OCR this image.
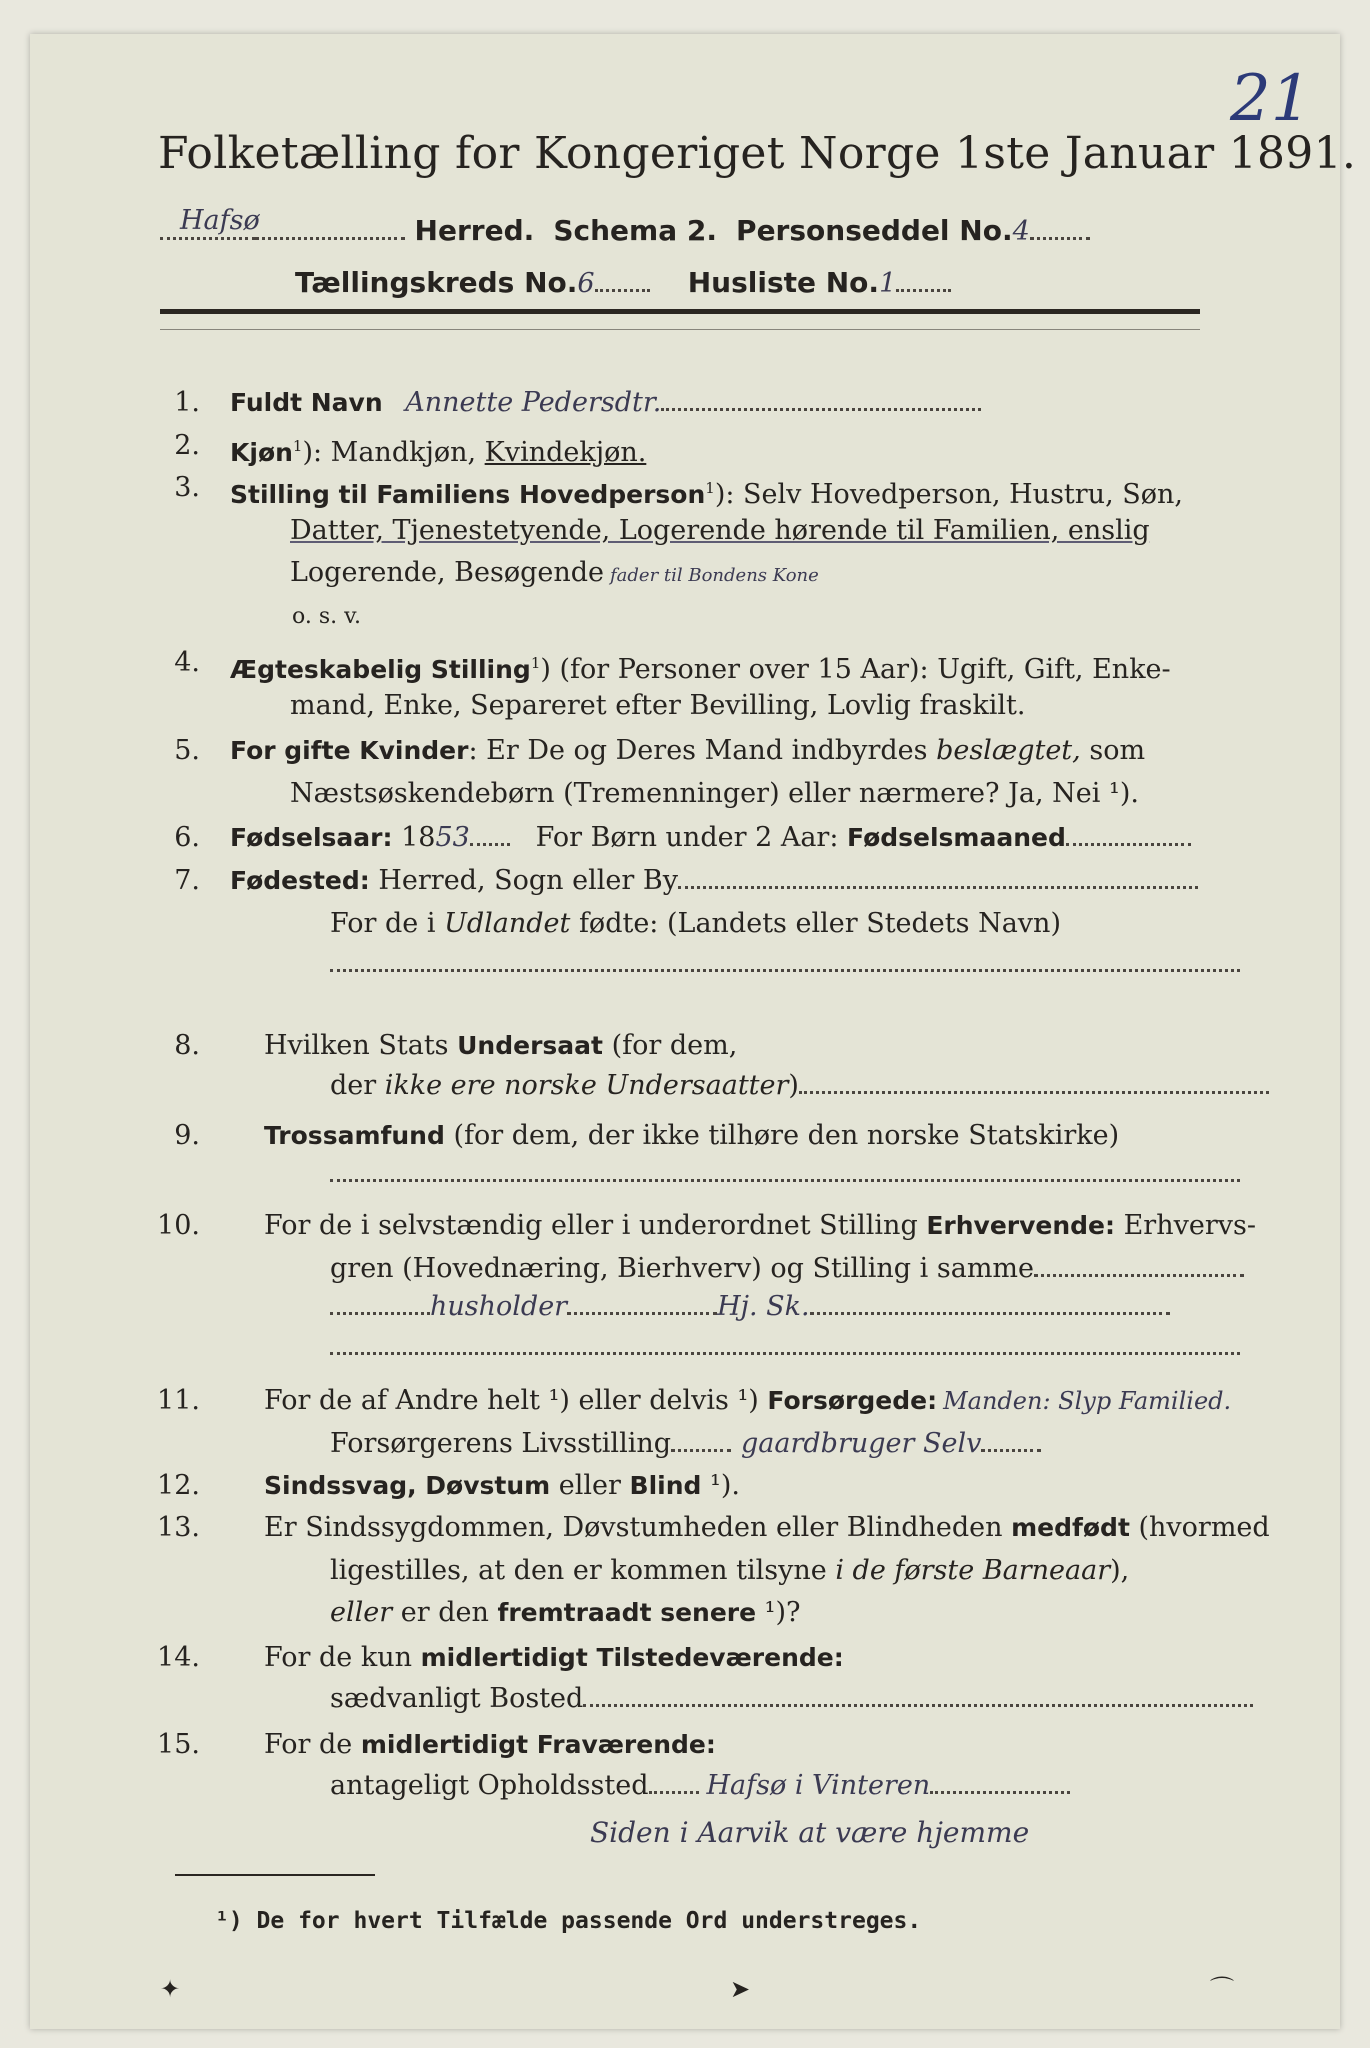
21
Folketælling for Kongeriget Norge 1ste Januar 1891.
Hafsø	Herred. Schema 2. Personseddel No.4
Tællingskreds No.6	Husliste No.1
1. Fuldt Navn Annette Pedersdtr.
2. Kjøn$^1$): Mandkjøn, Kvindekjøn.
3. Stilling til Familiens Hovedperson$^1$): Selv Hovedperson, Hustru, Søn,
Datter, Tjenestetyende, Logerende hørende til Familien, enslig
Logerende, Besøgende fader til Bondens Kone
o. s. v.
4. Ægteskabelig Stilling$^1$) (for Personer over 15 Aar): Ugift, Gift, Enke-
mand, Enke, Separeret efter Bevilling, Lovlig fraskilt.
5. For gifte Kvinder: Er De og Deres Mand indbyrdes beslægtet, som
Næstsøskendebørn (Tremenninger) eller nærmere? Ja, Nei ¹).
6. Fødselsaar: 1853 For Børn under 2 Aar: Fødselsmaaned
7. Fødested: Herred, Sogn eller By
For de i Udlandet fødte: (Landets eller Stedets Navn)
8. Hvilken Stats Undersaat (for dem,
der ikke ere norske Undersaatter)
9.	Trossamfund (for dem, der ikke tilhøre den norske Statskirke)
10. For de i selvstændig eller i underordnet Stilling Erhvervende: Erhvervs-
gren (Hovednæring, Bierhverv) og Stilling i samme
husholder	Hj. Sk.
11. For de af Andre helt ¹) eller delvis ¹) Forsørgede: Manden: Slyp Familied.
Forsørgerens Livsstilling	gaardbruger Selv
12.	Sindssvag, Døvstum eller Blind ¹).
13. Er Sindssygdommen, Døvstumheden eller Blindheden medfødt (hvormed
ligestilles, at den er kommen tilsyne i de første Barneaar),
eller er den fremtraadt senere ¹)?
14. For de kun midlertidigt Tilstedeværende:
sædvanligt Bosted
15. For de midlertidigt Fraværende:
antageligt Opholdssted Hafsø i Vinteren
Siden i Aarvik at være hjemme
¹) De for hvert Tilfælde passende Ord understreges.
✦	➤	⌒
